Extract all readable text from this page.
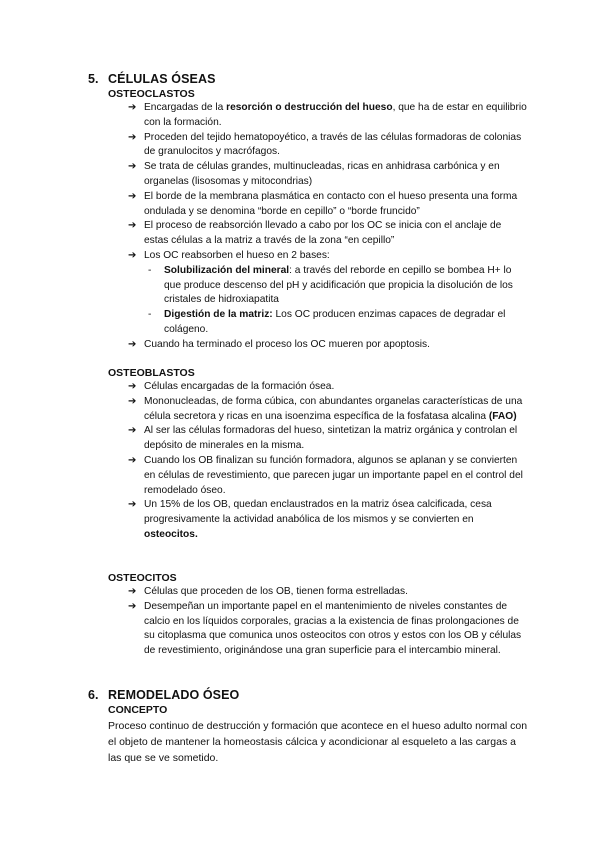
5. CÉLULAS ÓSEAS
OSTEOCLASTOS
➔ Encargadas de la resorción o destrucción del hueso, que ha de estar en equilibrio con la formación.
➔ Proceden del tejido hematopoyético, a través de las células formadoras de colonias de granulocitos y macrófagos.
➔ Se trata de células grandes, multinucleadas, ricas en anhidrasa carbónica y en organelas (lisosomas y mitocondrias)
➔ El borde de la membrana plasmática en contacto con el hueso presenta una forma ondulada y se denomina “borde en cepillo” o “borde fruncido”
➔ El proceso de reabsorción llevado a cabo por los OC se inicia con el anclaje de estas células a la matriz a través de la zona “en cepillo”
➔ Los OC reabsorben el hueso en 2 bases:
- Solubilización del mineral: a través del reborde en cepillo se bombea H+ lo que produce descenso del pH y acidificación que propicia la disolución de los cristales de hidroxiapatita
- Digestión de la matriz: Los OC producen enzimas capaces de degradar el colágeno.
➔ Cuando ha terminado el proceso los OC mueren por apoptosis.
OSTEOBLASTOS
➔ Células encargadas de la formación ósea.
➔ Mononucleadas, de forma cúbica, con abundantes organelas características de una célula secretora y ricas en una isoenzima específica de la fosfatasa alcalina (FAO)
➔ Al ser las células formadoras del hueso, sintetizan la matriz orgánica y controlan el depósito de minerales en la misma.
➔ Cuando los OB finalizan su función formadora, algunos se aplanan y se convierten en células de revestimiento, que parecen jugar un importante papel en el control del remodelado óseo.
➔ Un 15% de los OB, quedan enclaustrados en la matriz ósea calcificada, cesa progresivamente la actividad anabólica de los mismos y se convierten en osteocitos.
OSTEOCITOS
➔ Células que proceden de los OB, tienen forma estrelladas.
➔ Desempeñan un importante papel en el mantenimiento de niveles constantes de calcio en los líquidos corporales, gracias a la existencia de finas prolongaciones de su citoplasma que comunica unos osteocitos con otros y estos con los OB y células de revestimiento, originándose una gran superficie para el intercambio mineral.
6. REMODELADO ÓSEO
CONCEPTO
Proceso continuo de destrucción y formación que acontece en el hueso adulto normal con el objeto de mantener la homeostasis cálcica y acondicionar al esqueleto a las cargas a las que se ve sometido.
